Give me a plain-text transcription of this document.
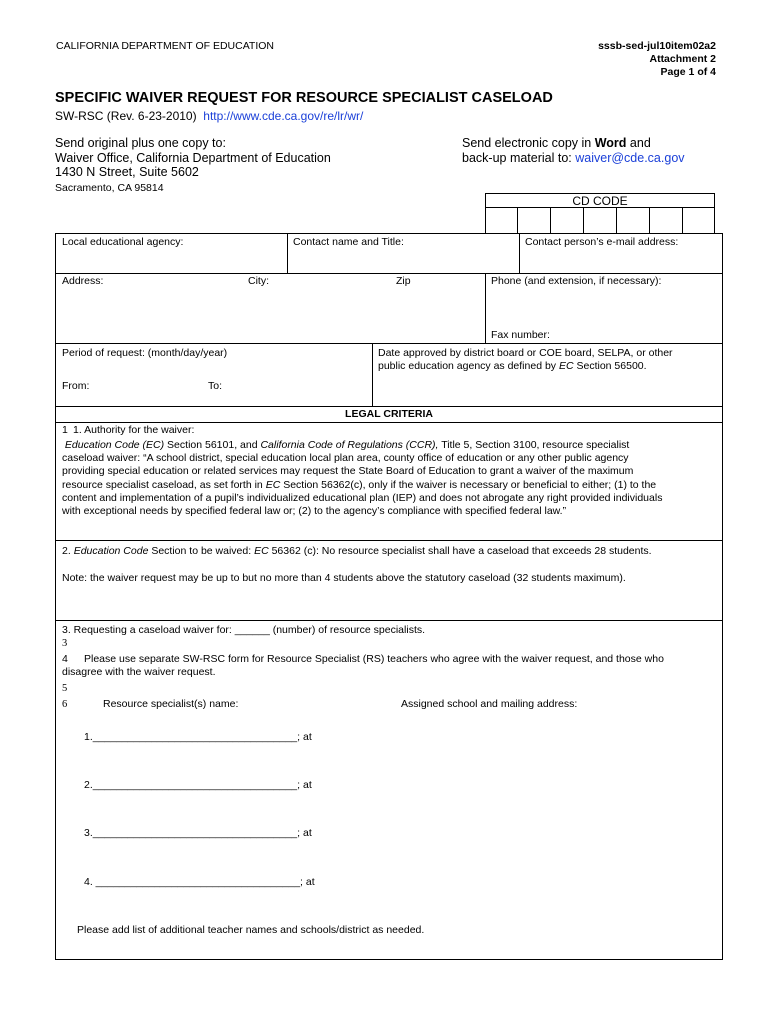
CALIFORNIA DEPARTMENT OF EDUCATION	sssb-sed-jul10item02a2
Attachment 2
Page 1 of 4
SPECIFIC WAIVER REQUEST FOR RESOURCE SPECIALIST CASELOAD
SW-RSC (Rev. 6-23-2010) http://www.cde.ca.gov/re/lr/wr/
Send original plus one copy to:
Waiver Office, California Department of Education
1430 N Street, Suite 5602
Sacramento, CA 95814
Send electronic copy in Word and
back-up material to: waiver@cde.ca.gov
CD CODE
Local educational agency:	Contact name and Title:	Contact person’s e-mail address:
Address:	City:	Zip	Phone (and extension, if necessary):
Fax number:
Period of request: (month/day/year)
From:	To:
Date approved by district board or COE board, SELPA, or other
public education agency as defined by EC Section 56500.
LEGAL CRITERIA
1 1. Authority for the waiver:
Education Code (EC) Section 56101, and California Code of Regulations (CCR), Title 5, Section 3100, resource specialist
caseload waiver: “A school district, special education local plan area, county office of education or any other public agency
providing special education or related services may request the State Board of Education to grant a waiver of the maximum
resource specialist caseload, as set forth in EC Section 56362(c), only if the waiver is necessary or beneficial to either; (1) to the
content and implementation of a pupil’s individualized educational plan (IEP) and does not abrogate any right provided individuals
with exceptional needs by specified federal law or; (2) to the agency’s compliance with specified federal law.”
2. Education Code Section to be waived: EC 56362 (c): No resource specialist shall have a caseload that exceeds 28 students.
Note: the waiver request may be up to but no more than 4 students above the statutory caseload (32 students maximum).
3. Requesting a caseload waiver for: ______ (number) of resource specialists.
3
4 Please use separate SW-RSC form for Resource Specialist (RS) teachers who agree with the waiver request, and those who
disagree with the waiver request.
5
6	Resource specialist(s) name:	Assigned school and mailing address:
1.___________________________________; at
2.___________________________________; at
3.___________________________________; at
4. ___________________________________; at
Please add list of additional teacher names and schools/district as needed.
